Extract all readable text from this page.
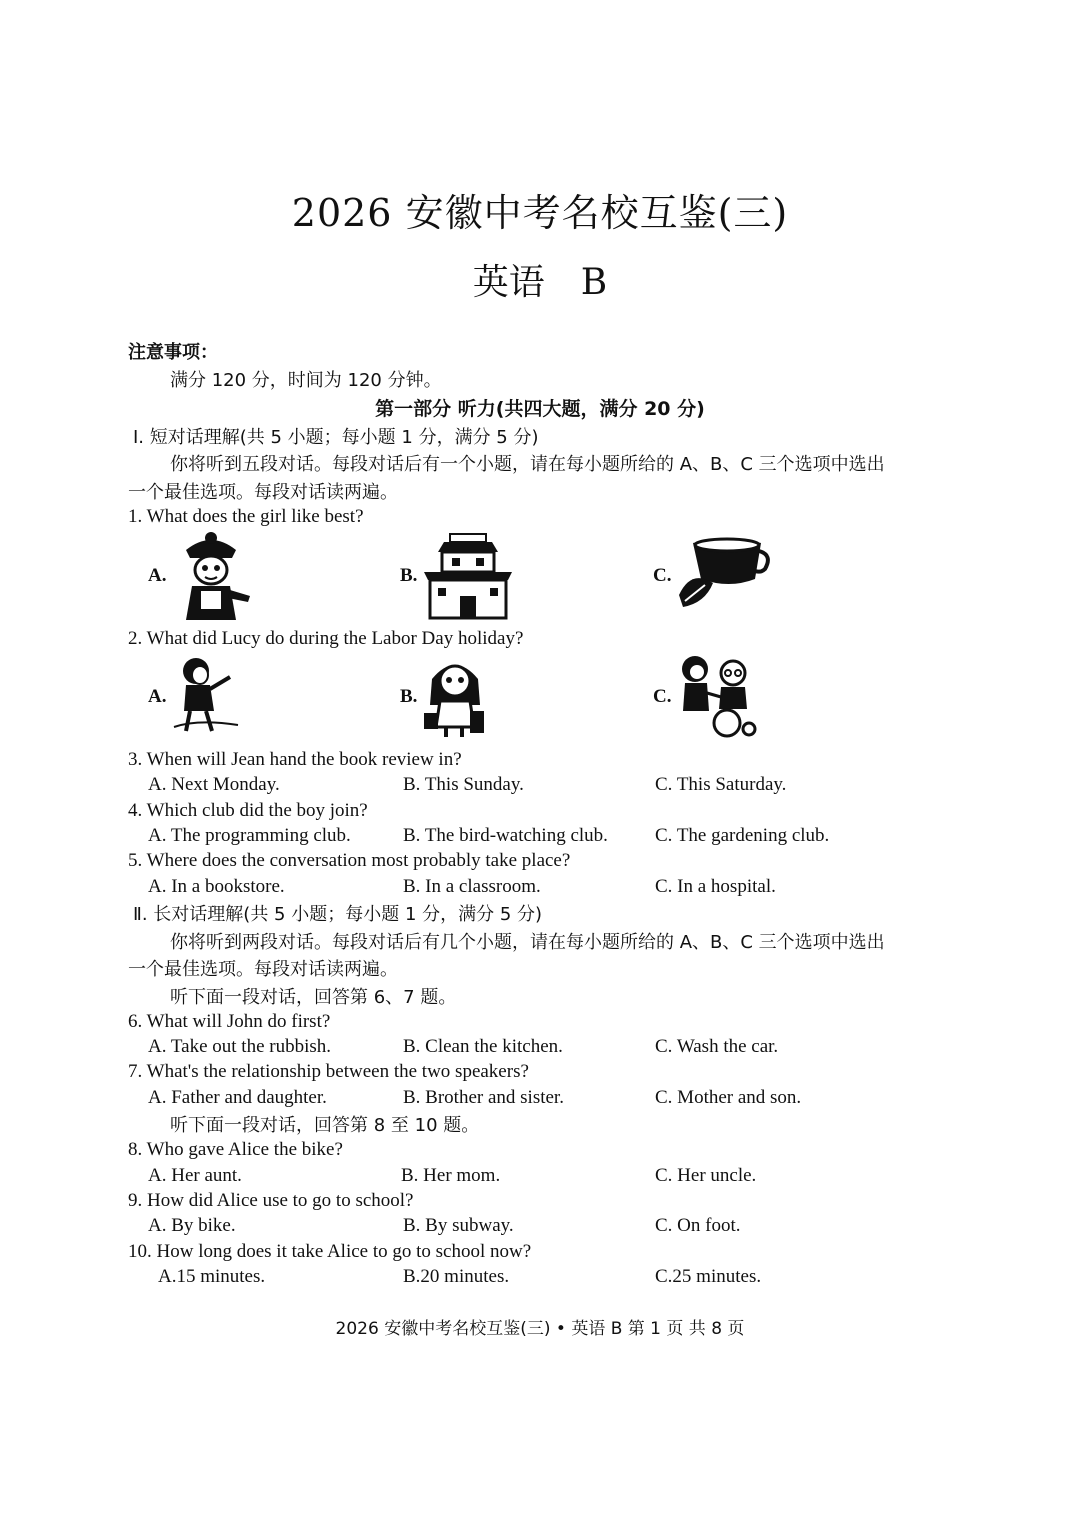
2026 安徽中考名校互鉴(三)
英语　B
注意事项：
满分 120 分，时间为 120 分钟。
第一部分 听力(共四大题，满分 20 分)
Ⅰ. 短对话理解(共 5 小题；每小题 1 分，满分 5 分)
你将听到五段对话。每段对话后有一个小题，请在每小题所给的 A、B、C 三个选项中选出
一个最佳选项。每段对话读两遍。
1. What does the girl like best?
A.	B.	C.
2. What did Lucy do during the Labor Day holiday?
A.	B.	C.
3. When will Jean hand the book review in?
A. Next Monday.	B. This Sunday.	C. This Saturday.
4. Which club did the boy join?
A. The programming club.	B. The bird-watching club. C. The gardening club.
5. Where does the conversation most probably take place?
A. In a bookstore.	B. In a classroom.	C. In a hospital.
Ⅱ. 长对话理解(共 5 小题；每小题 1 分，满分 5 分)
你将听到两段对话。每段对话后有几个小题，请在每小题所给的 A、B、C 三个选项中选出
一个最佳选项。每段对话读两遍。
听下面一段对话，回答第 6、7 题。
6. What will John do first?
A. Take out the rubbish.	B. Clean the kitchen.	C. Wash the car.
7. What's the relationship between the two speakers?
A. Father and daughter.	B. Brother and sister.	C. Mother and son.
听下面一段对话，回答第 8 至 10 题。
8. Who gave Alice the bike?
A. Her aunt.	B. Her mom.	C. Her uncle.
9. How did Alice use to go to school?
A. By bike.	B. By subway.	C. On foot.
10. How long does it take Alice to go to school now?
A.15 minutes.	B.20 minutes.	C.25 minutes.
2026 安徽中考名校互鉴(三) • 英语 B 第 1 页 共 8 页
